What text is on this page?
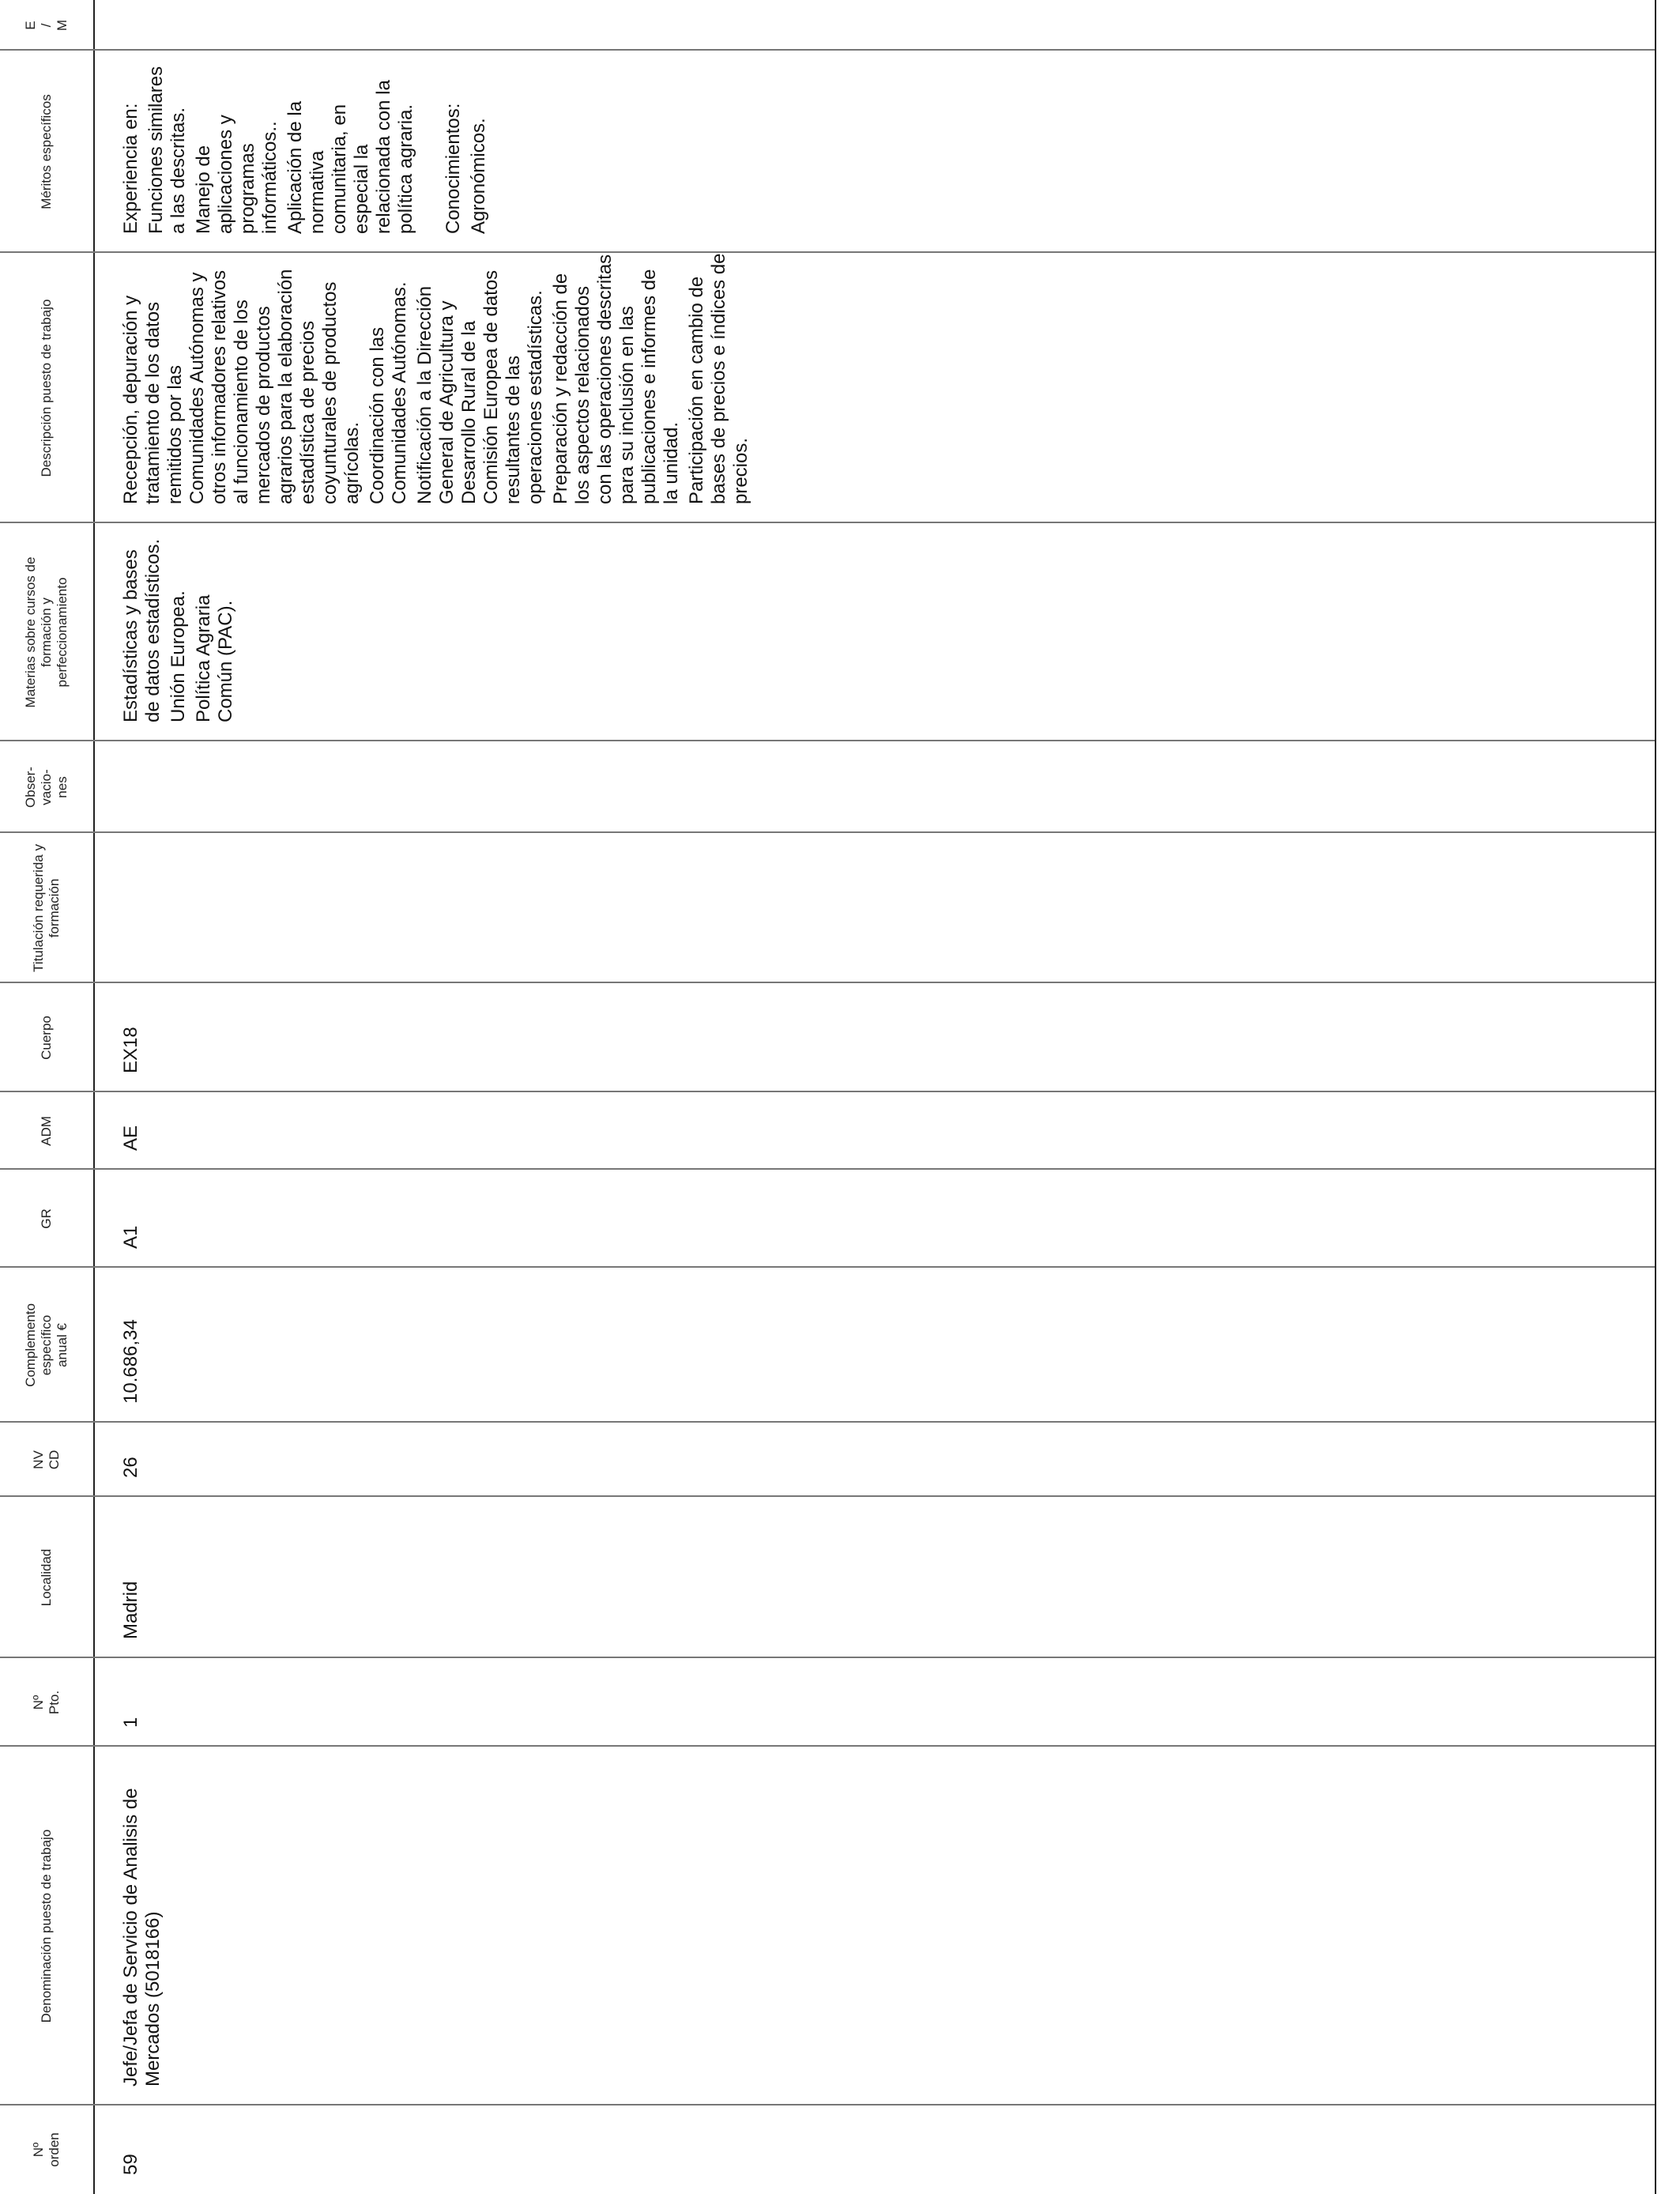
Nº
orden
Denominación puesto de trabajo
Nº
Pto.
Localidad
NV
CD
Complemento
específico
anual €
GR
ADM
Cuerpo
Titulación requerida y
formación
Obser-
vacio-
nes
Materias sobre cursos de
formación y
perfeccionamiento
Descripción puesto de trabajo
Méritos específicos
E
/
M
59
Jefe/Jefa de Servicio de Analisis de Mercados (5018166)
1
Madrid
26
10.686,34
A1
AE
EX18
Estadísticas y bases de datos estadísticos. Unión Europea. Política Agraria Común (PAC).
Recepción, depuración y tratamiento de los datos remitidos por las Comunidades Autónomas y otros informadores relativos al funcionamiento de los mercados de productos agrarios para la elaboración estadística de precios coyunturales de productos agrícolas. Coordinación con las Comunidades Autónomas. Notificación a la Dirección General de Agricultura y Desarrollo Rural de la Comisión Europea de datos resultantes de las operaciones estadísticas. Preparación y redacción de los aspectos relacionados con las operaciones descritas para su inclusión en las publicaciones e informes de la unidad. Participación en cambio de bases de precios e índices de precios.
Experiencia en: Funciones similares a las descritas. Manejo de aplicaciones y programas informáticos.. Aplicación de la normativa comunitaria, en especial la relacionada con la política agraria. Conocimientos: Agronómicos.
